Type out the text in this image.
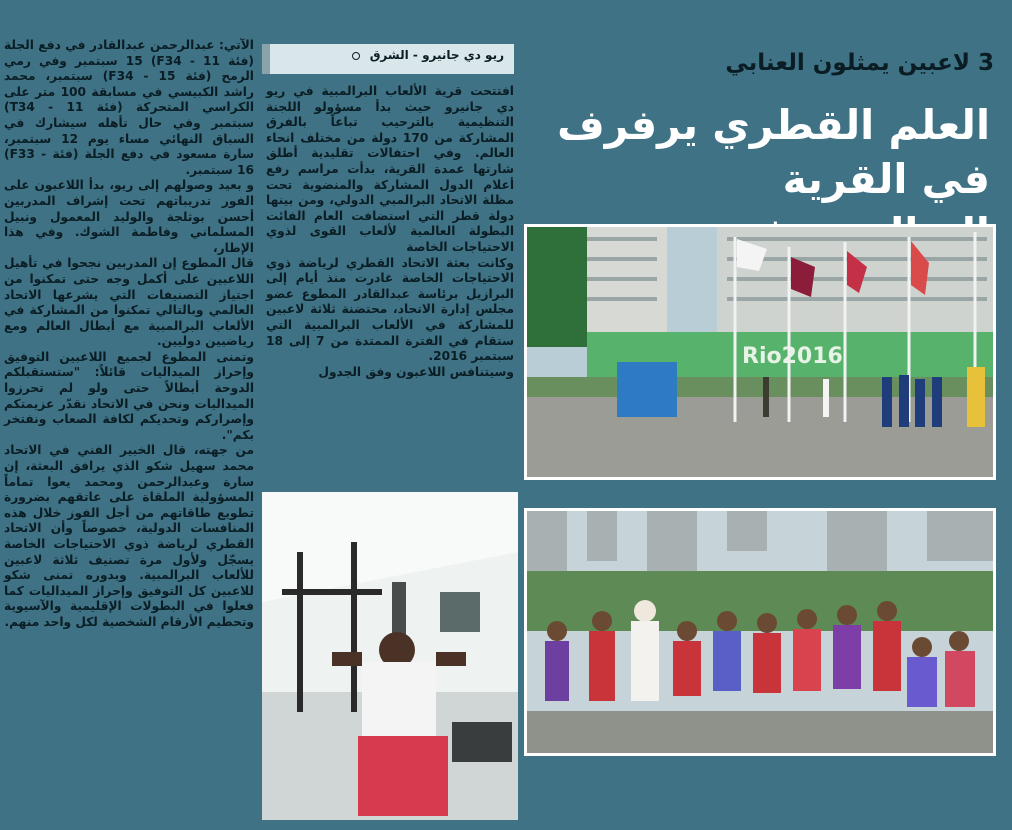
3 لاعبين يمثلون العنابي
العلم القطري يرفرف في القرية
ريو دي جانيرو - الشرق

افتتحت قرية الألعاب البرالمبية في ريو دي جانيرو حيث بدأ مسؤولو اللجنة التنظيمية بالترحيب تباعاً بالفرق المشاركة من 170 دولة من مختلف انحاء العالم. وفي احتفالات تقليدية أطلق شارتها عمدة القرية، بدأت مراسم رفع أعلام الدول المشاركة والمنضوية تحت مظلة الاتحاد البرالمبي الدولي، ومن بينها دولة قطر التي استضافت العام الفائت البطولة العالمية لألعاب القوى لذوي الاحتياجات الخاصة

وكانت بعثة الاتحاد القطري لرياضة ذوي الاحتياجات الخاصة غادرت منذ أيام إلى البرازيل برئاسة عبدالقادر المطوع عضو مجلس إدارة الاتحاد، محتضنة ثلاثة لاعبين للمشاركة في الألعاب البرالمبية التي ستقام في الفترة الممتدة من 7 إلى 18 سبتمبر 2016.

وسيتنافس اللاعبون وفق الجدول

الآتي: عبدالرحمن عبدالقادر في دفع الجلة (فئة 11 - F34) 15 سبتمبر وفي رمي الرمح (فئة 15 - F34) سبتمبر، محمد راشد الكبيسي في مسابقة 100 متر على الكراسي المتحركة (فئة 11 - T34) سبتمبر وفي حال تأهله سيشارك في السباق النهائي مساء يوم 12 سبتمبر، سارة مسعود في دفع الجلة (فئة - F33) 16 سبتمبر.

و بعيد وصولهم إلى ريو، بدأ اللاعبون على الفور تدريباتهم تحت إشراف المدربين أحسن بوثلجة والوليد المعمول ونبيل المسلماني وفاطمة الشوك. وفي هذا الإطار،

قال المطوع إن المدربين نجحوا في تأهيل اللاعبين على أكمل وجه حتى تمكنوا من اجتياز التصنيفات التي يشرعها الاتحاد العالمي وبالتالي تمكنوا من المشاركة في الألعاب البرالمبية مع أبطال العالم ومع رياضيين دوليين.

وتمنى المطوع لجميع اللاعبين التوفيق وإحراز الميداليات قائلاً: "ستستقبلكم الدوحة أبطالاً حتى ولو لم تحرزوا الميداليات ونحن في الاتحاد نقدّر عزيمتكم وإصراركم وتحديكم لكافة الصعاب ونفتخر بكم".

من جهته، قال الخبير الفني في الاتحاد محمد سهيل شكو الذي يرافق البعثة، إن سارة وعبدالرحمن ومحمد يعوا تماماً المسؤولية الملقاة على عاتقهم بضرورة تطويع طاقاتهم من أجل الفوز خلال هذه المنافسات الدولية، خصوصاً وأن الاتحاد القطري لرياضة ذوي الاحتياجات الخاصة يسجّل ولأول مرة تصنيف ثلاثة لاعبين للألعاب البرالمبية. وبدوره تمنى شكو للاعبين كل التوفيق وإحراز الميداليات كما فعلوا في البطولات الإقليمية والآسيوية وتحطيم الأرقام الشخصية لكل واحد منهم.

Rio2016
